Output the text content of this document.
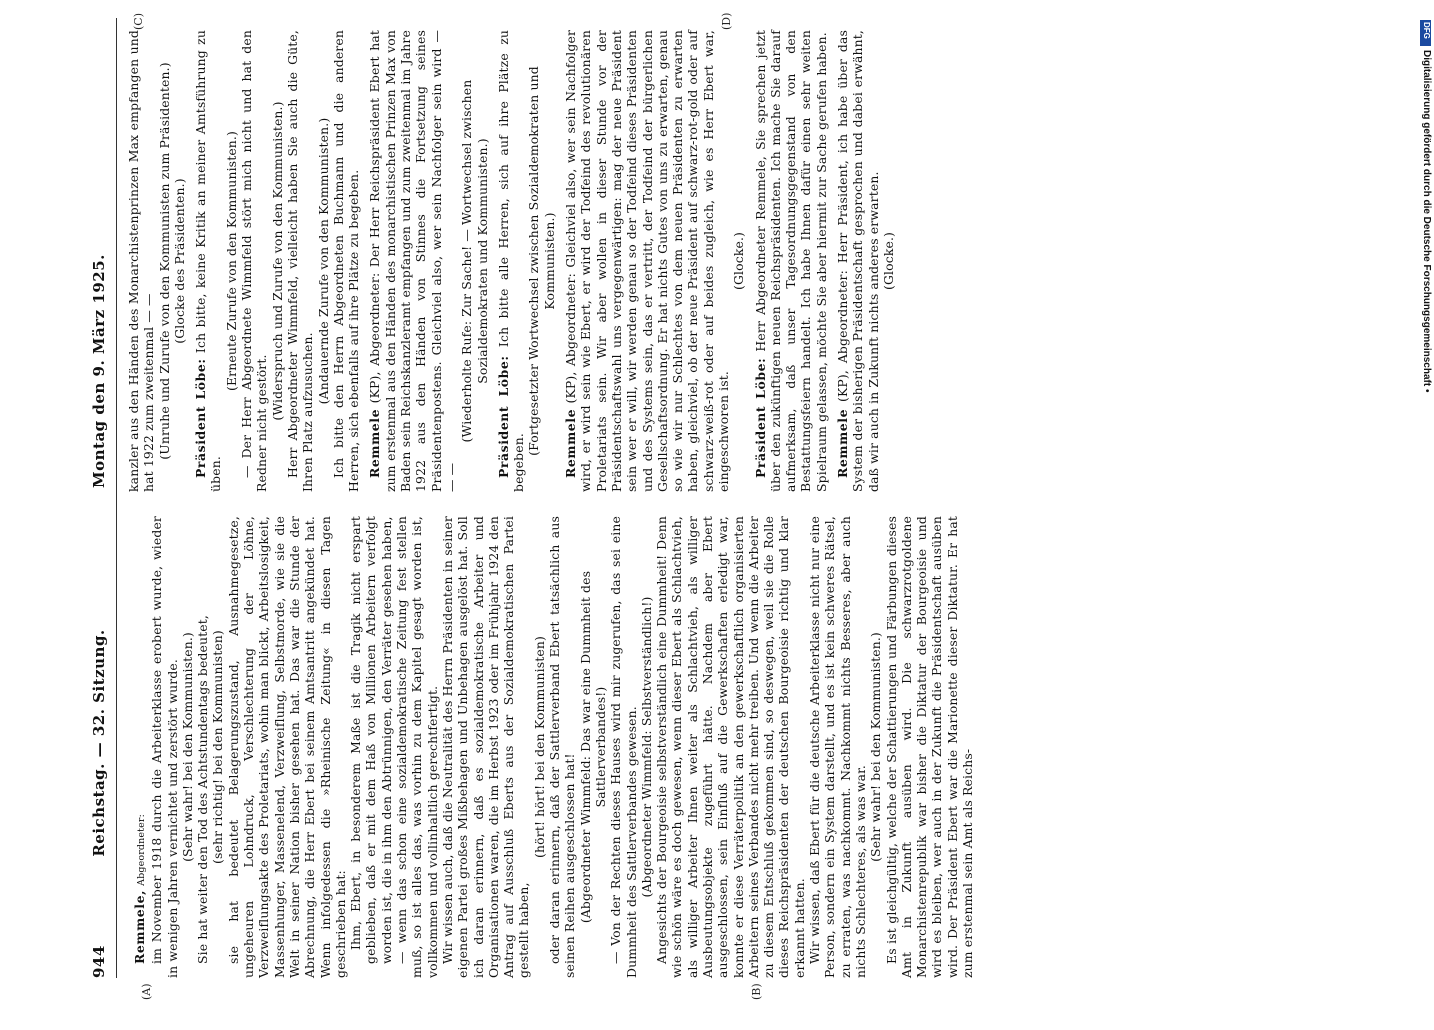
944
Reichstag. — 32. Sitzung.
Montag den 9. März 1925.
(A)	(B)
(C)	(D)

Remmele, Abgeordneter: im November 1918 durch die Arbeiterklasse erobert wurde, wieder in wenigen Jahren vernichtet und zerstört wurde. (Sehr wahr! bei den Kommunisten.) Sie hat weiter den Tod des Achtstundentags bedeutet, (sehr richtig! bei den Kommunisten) sie hat bedeutet Belagerungszustand, Ausnahmegesetze, ungeheuren Lohndruck, Verschlechterung der Löhne, Verzweiflungsakte des Proletariats, wohin man blickt, Arbeitslosigkeit, Massenhunger, Massenelend, Verzweiflung, Selbstmorde, wie sie die Welt in seiner Nation bisher gesehen hat. Das war die Stunde der Abrechnung, die Herr Ebert bei seinem Amtsantritt angekündet hat. Wenn infolgedessen die »Rheinische Zeitung« in diesen Tagen geschrieben hat: Ihm, Ebert, in besonderem Maße ist die Tragik nicht erspart geblieben, daß er mit dem Haß von Millionen Arbeitern verfolgt worden ist, die in ihm den Abtrünnigen, den Verräter gesehen haben, — wenn das schon eine sozialdemokratische Zeitung fest stellen muß, so ist alles das, was vorhin zu dem Kapitel gesagt worden ist, vollkommen und vollinhaltlich gerechtfertigt. Wir wissen auch, daß die Neutralität des Herrn Präsidenten in seiner eigenen Partei großes Mißbehagen und Unbehagen ausgelöst hat. Soll ich daran erinnern, daß es sozialdemokratische Arbeiter und Organisationen waren, die im Herbst 1923 oder im Frühjahr 1924 den Antrag auf Ausschluß Eberts aus der Sozialdemokratischen Partei gestellt haben,

(hört! hört! bei den Kommunisten) oder daran erinnern, daß der Sattlerverband Ebert tatsächlich aus seinen Reihen ausgeschlossen hat! (Abgeordneter Wimmfeld: Das war eine Dummheit des Sattlerverbandes!) — Von der Rechten dieses Hauses wird mir zugerufen, das sei eine Dummheit des Sattlerverbandes gewesen. (Abgeordneter Wimmfeld: Selbstverständlich!) Angesichts der Bourgeoisie selbstverständlich eine Dummheit! Denn wie schön wäre es doch gewesen, wenn dieser Ebert als Schlachtvieh, als williger Arbeiter Ihnen weiter als Schlachtvieh, als williger Ausbeutungsobjekte zugeführt hätte. Nachdem aber Ebert ausgeschlossen, sein Einfluß auf die Gewerkschaften erledigt war, konnte er diese Verräterpolitik an den gewerkschaftlich organisierten Arbeitern seines Verbandes nicht mehr treiben. Und wenn die Arbeiter zu diesem Entschluß gekommen sind, so deswegen, weil sie die Rolle dieses Reichspräsidenten der deutschen Bourgeoisie richtig und klar erkannt hatten. Wir wissen, daß Ebert für die deutsche Arbeiterklasse nicht nur eine Person, sondern ein System darstellt, und es ist kein schweres Rätsel, zu erraten, was nachkommt. Nachkommt nichts Besseres, aber auch nichts Schlechteres, als was war.

(Sehr wahr! bei den Kommunisten.) Es ist gleichgültig, welche der Schattierungen und Färbungen dieses Amt in Zukunft ausüben wird. Die schwarzrotgoldene Monarchistenrepublik war bisher die Diktatur der Bourgeoisie und wird es bleiben, wer auch in der Zukunft die Präsidentschaft ausüben wird. Der Präsident Ebert war die Marionette dieser Diktatur. Er hat zum erstenmal sein Amt als Reichs-

kanzler aus den Händen des Monarchistenprinzen Max empfangen und hat 1922 zum zweitenmal — — (Unruhe und Zurufe von den Kommunisten zum Präsidenten.) (Glocke des Präsidenten.)

Präsident Löbe: Ich bitte, keine Kritik an meiner Amtsführung zu üben.

(Erneute Zurufe von den Kommunisten.) — Der Herr Abgeordnete Wimmfeld stört mich nicht und hat den Redner nicht gestört.

(Widerspruch und Zurufe von den Kommunisten.) Herr Abgeordneter Wimmfeld, vielleicht haben Sie auch die Güte, Ihren Platz aufzusuchen.

(Andauernde Zurufe von den Kommunisten.) Ich bitte den Herrn Abgeordneten Buchmann und die anderen Herren, sich ebenfalls auf ihre Plätze zu begeben. Remmele (KP), Abgeordneter: Der Herr Reichspräsident Ebert hat zum erstenmal aus den Händen des monarchistischen Prinzen Max von Baden sein Reichskanzleramt empfangen und zum zweitenmal im Jahre 1922 aus den Händen von Stinnes die Fortsetzung seines Präsidentenpostens. Gleichviel also, wer sein Nachfolger sein wird — — —

(Wiederholte Rufe: Zur Sache! — Wortwechsel zwischen Sozialdemokraten und Kommunisten.)

Präsident Löbe: Ich bitte alle Herren, sich auf ihre Plätze zu begeben.

(Fortgesetzter Wortwechsel zwischen Sozialdemokraten und Kommunisten.)

Remmele (KP), Abgeordneter: Gleichviel also, wer sein Nachfolger wird, er wird sein wie Ebert, er wird der Todfeind des revolutionären Proletariats sein. Wir aber wollen in dieser Stunde vor der Präsidentschaftswahl uns vergegenwärtigen: mag der neue Präsident sein wer er will, wir werden genau so der Todfeind dieses Präsidenten und des Systems sein, das er vertritt, der Todfeind der bürgerlichen Gesellschaftsordnung. Er hat nichts Gutes von uns zu erwarten, genau so wie wir nur Schlechtes von dem neuen Präsidenten zu erwarten haben, gleichviel, ob der neue Präsident auf schwarz-rot-gold oder auf schwarz-weiß-rot oder auf beides zugleich, wie es Herr Ebert war, eingeschworen ist.

(Glocke.)

Präsident Löbe: Herr Abgeordneter Remmele, Sie sprechen jetzt über den zukünftigen neuen Reichspräsidenten. Ich mache Sie darauf aufmerksam, daß unser Tagesordnungsgegenstand von den Bestattungsfeiern handelt. Ich habe Ihnen dafür einen sehr weiten Spielraum gelassen, möchte Sie aber hiermit zur Sache gerufen haben. Remmele (KP), Abgeordneter: Herr Präsident, ich habe über das System der bisherigen Präsidentschaft gesprochen und dabei erwähnt, daß wir auch in Zukunft nichts anderes erwarten. (Glocke.)

DFG
Digitalisierung gefördert durch die Deutsche Forschungsgemeinschaft •
